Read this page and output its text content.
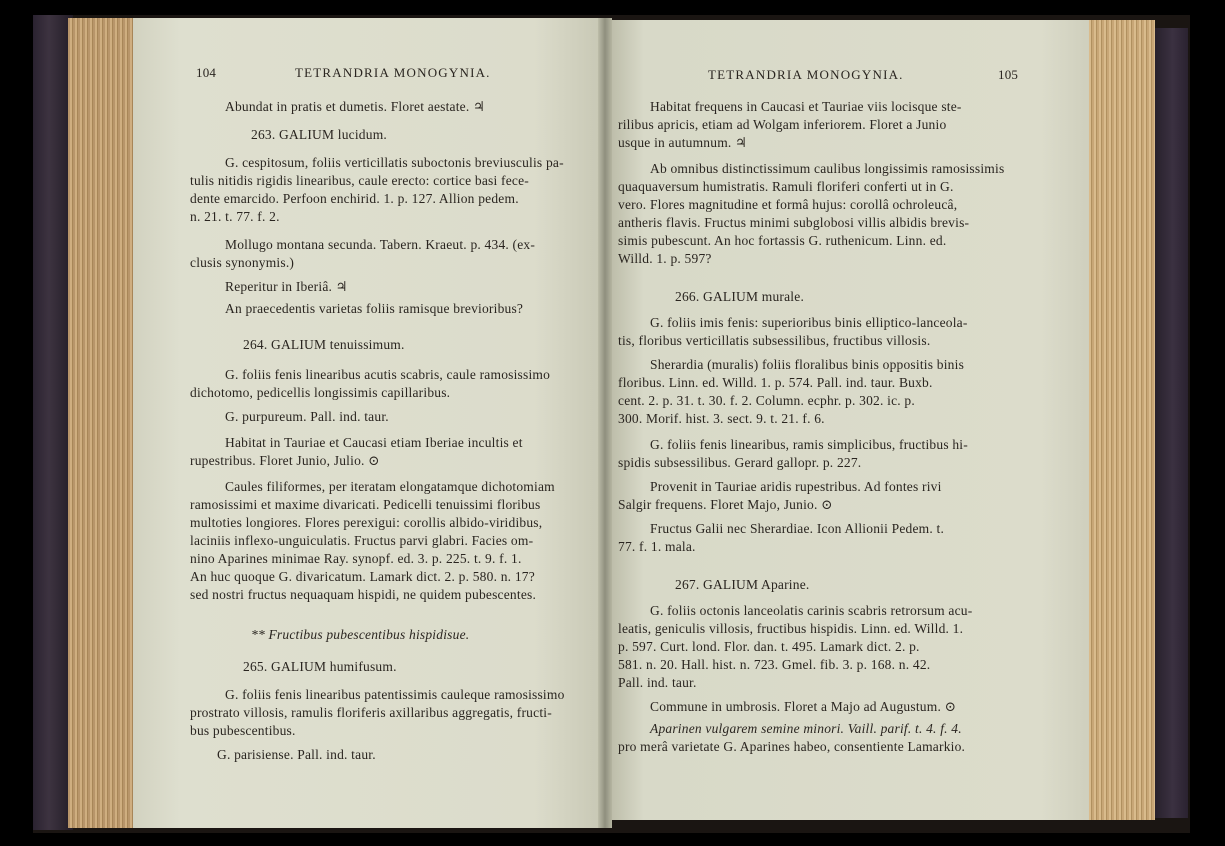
104	TETRANDRIA MONOGYNIA.
Abundat in pratis et dumetis. Floret aestate. ♃
263. GALIUM lucidum.
G. cespitosum, foliis verticillatis suboctonis breviusculis pa-
tulis nitidis rigidis linearibus, caule erecto: cortice basi fece-
dente emarcido. Perfoon enchirid. 1. p. 127. Allion pedem.
n. 21. t. 77. f. 2.
Mollugo montana secunda. Tabern. Kraeut. p. 434. (ex-
clusis synonymis.)
Reperitur in Iberiâ. ♃
An praecedentis varietas foliis ramisque brevioribus?
264. GALIUM tenuissimum.
G. foliis fenis linearibus acutis scabris, caule ramosissimo
dichotomo, pedicellis longissimis capillaribus.
G. purpureum. Pall. ind. taur.
Habitat in Tauriae et Caucasi etiam Iberiae incultis et
rupestribus. Floret Junio, Julio. ⊙
Caules filiformes, per iteratam elongatamque dichotomiam
ramosissimi et maxime divaricati. Pedicelli tenuissimi floribus
multoties longiores. Flores perexigui: corollis albido-viridibus,
laciniis inflexo-unguiculatis. Fructus parvi glabri. Facies om-
nino Aparines minimae Ray. synopf. ed. 3. p. 225. t. 9. f. 1.
An huc quoque G. divaricatum. Lamark dict. 2. p. 580. n. 17?
sed nostri fructus nequaquam hispidi, ne quidem pubescentes.
** Fructibus pubescentibus hispidisue.
265. GALIUM humifusum.
G. foliis fenis linearibus patentissimis cauleque ramosissimo
prostrato villosis, ramulis floriferis axillaribus aggregatis, fructi-
bus pubescentibus.
G. parisiense. Pall. ind. taur.
TETRANDRIA MONOGYNIA.	105
Habitat frequens in Caucasi et Tauriae viis locisque ste-
rilibus apricis, etiam ad Wolgam inferiorem. Floret a Junio
usque in autumnum. ♃
Ab omnibus distinctissimum caulibus longissimis ramosissimis
quaquaversum humistratis. Ramuli floriferi conferti ut in G.
vero. Flores magnitudine et formâ hujus: corollâ ochroleucâ,
antheris flavis. Fructus minimi subglobosi villis albidis brevis-
simis pubescunt. An hoc fortassis G. ruthenicum. Linn. ed.
Willd. 1. p. 597?
266. GALIUM murale.
G. foliis imis fenis: superioribus binis elliptico-lanceola-
tis, floribus verticillatis subsessilibus, fructibus villosis.
Sherardia (muralis) foliis floralibus binis oppositis binis
floribus. Linn. ed. Willd. 1. p. 574. Pall. ind. taur. Buxb.
cent. 2. p. 31. t. 30. f. 2. Column. ecphr. p. 302. ic. p.
300. Morif. hist. 3. sect. 9. t. 21. f. 6.
G. foliis fenis linearibus, ramis simplicibus, fructibus hi-
spidis subsessilibus. Gerard gallopr. p. 227.
Provenit in Tauriae aridis rupestribus. Ad fontes rivi
Salgir frequens. Floret Majo, Junio. ⊙
Fructus Galii nec Sherardiae. Icon Allionii Pedem. t.
77. f. 1. mala.
267. GALIUM Aparine.
G. foliis octonis lanceolatis carinis scabris retrorsum acu-
leatis, geniculis villosis, fructibus hispidis. Linn. ed. Willd. 1.
p. 597. Curt. lond. Flor. dan. t. 495. Lamark dict. 2. p.
581. n. 20. Hall. hist. n. 723. Gmel. fib. 3. p. 168. n. 42.
Pall. ind. taur.
Commune in umbrosis. Floret a Majo ad Augustum. ⊙
Aparinen vulgarem semine minori. Vaill. parif. t. 4. f. 4.
pro merâ varietate G. Aparines habeo, consentiente Lamarkio.
